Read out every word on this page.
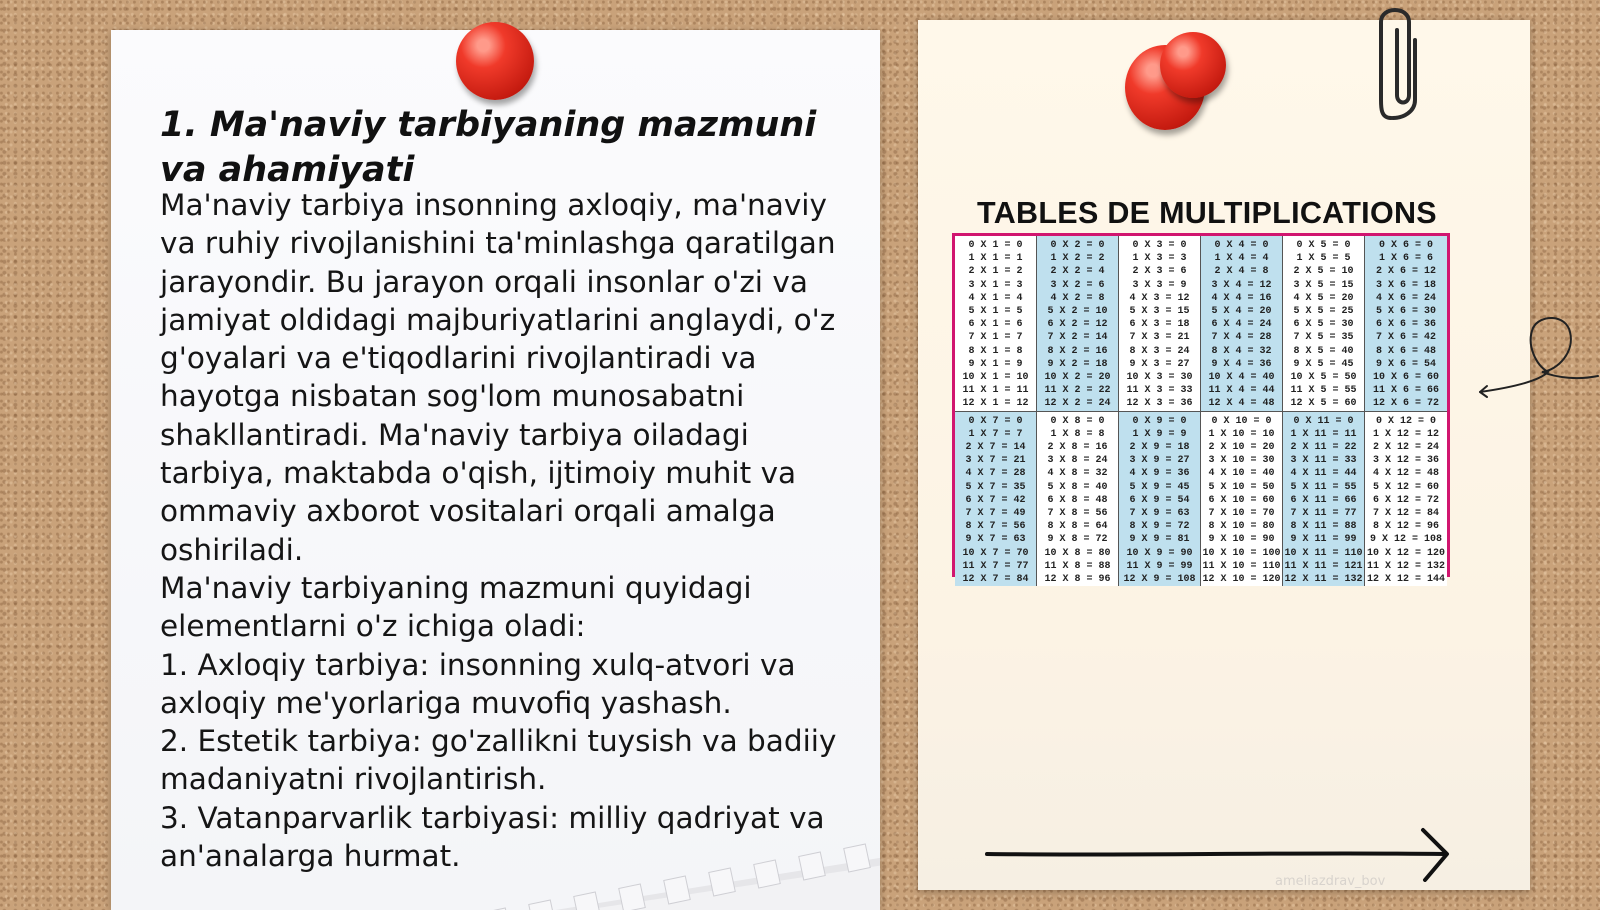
1. Ma'naviy tarbiyaning mazmuni va ahamiyati

Ma'naviy tarbiya insonning axloqiy, ma'naviy va ruhiy rivojlanishini ta'minlashga qaratilgan jarayondir. Bu jarayon orqali insonlar o'zi va jamiyat oldidagi majburiyatlarini anglaydi, o'z g'oyalari va e'tiqodlarini rivojlantiradi va hayotga nisbatan sog'lom munosabatni shakllantiradi. Ma'naviy tarbiya oiladagi tarbiya, maktabda o'qish, ijtimoiy muhit va ommaviy axborot vositalari orqali amalga oshiriladi.

Ma'naviy tarbiyaning mazmuni quyidagi elementlarni o'z ichiga oladi:

1. Axloqiy tarbiya: insonning xulq-atvori va axloqiy me'yorlariga muvofiq yashash.

2. Estetik tarbiya: go'zallikni tuysish va badiiy madaniyatni rivojlantirish.

3. Vatanparvarlik tarbiyasi: milliy qadriyat va an'analarga hurmat.

TABLES DE MULTIPLICATIONS
0 X 1 = 0
1 X 1 = 1
2 X 1 = 2
3 X 1 = 3
4 X 1 = 4
5 X 1 = 5
6 X 1 = 6
7 X 1 = 7
8 X 1 = 8
9 X 1 = 9
10 X 1 = 10
11 X 1 = 11
12 X 1 = 12
0 X 2 = 0
1 X 2 = 2
2 X 2 = 4
3 X 2 = 6
4 X 2 = 8
5 X 2 = 10
6 X 2 = 12
7 X 2 = 14
8 X 2 = 16
9 X 2 = 18
10 X 2 = 20
11 X 2 = 22
12 X 2 = 24
0 X 3 = 0
1 X 3 = 3
2 X 3 = 6
3 X 3 = 9
4 X 3 = 12
5 X 3 = 15
6 X 3 = 18
7 X 3 = 21
8 X 3 = 24
9 X 3 = 27
10 X 3 = 30
11 X 3 = 33
12 X 3 = 36
0 X 4 = 0
1 X 4 = 4
2 X 4 = 8
3 X 4 = 12
4 X 4 = 16
5 X 4 = 20
6 X 4 = 24
7 X 4 = 28
8 X 4 = 32
9 X 4 = 36
10 X 4 = 40
11 X 4 = 44
12 X 4 = 48
0 X 5 = 0
1 X 5 = 5
2 X 5 = 10
3 X 5 = 15
4 X 5 = 20
5 X 5 = 25
6 X 5 = 30
7 X 5 = 35
8 X 5 = 40
9 X 5 = 45
10 X 5 = 50
11 X 5 = 55
12 X 5 = 60
0 X 6 = 0
1 X 6 = 6
2 X 6 = 12
3 X 6 = 18
4 X 6 = 24
5 X 6 = 30
6 X 6 = 36
7 X 6 = 42
8 X 6 = 48
9 X 6 = 54
10 X 6 = 60
11 X 6 = 66
12 X 6 = 72
0 X 7 = 0
1 X 7 = 7
2 X 7 = 14
3 X 7 = 21
4 X 7 = 28
5 X 7 = 35
6 X 7 = 42
7 X 7 = 49
8 X 7 = 56
9 X 7 = 63
10 X 7 = 70
11 X 7 = 77
12 X 7 = 84
0 X 8 = 0
1 X 8 = 8
2 X 8 = 16
3 X 8 = 24
4 X 8 = 32
5 X 8 = 40
6 X 8 = 48
7 X 8 = 56
8 X 8 = 64
9 X 8 = 72
10 X 8 = 80
11 X 8 = 88
12 X 8 = 96
0 X 9 = 0
1 X 9 = 9
2 X 9 = 18
3 X 9 = 27
4 X 9 = 36
5 X 9 = 45
6 X 9 = 54
7 X 9 = 63
8 X 9 = 72
9 X 9 = 81
10 X 9 = 90
11 X 9 = 99
12 X 9 = 108
0 X 10 = 0
1 X 10 = 10
2 X 10 = 20
3 X 10 = 30
4 X 10 = 40
5 X 10 = 50
6 X 10 = 60
7 X 10 = 70
8 X 10 = 80
9 X 10 = 90
10 X 10 = 100
11 X 10 = 110
12 X 10 = 120
0 X 11 = 0
1 X 11 = 11
2 X 11 = 22
3 X 11 = 33
4 X 11 = 44
5 X 11 = 55
6 X 11 = 66
7 X 11 = 77
8 X 11 = 88
9 X 11 = 99
10 X 11 = 110
11 X 11 = 121
12 X 11 = 132
0 X 12 = 0
1 X 12 = 12
2 X 12 = 24
3 X 12 = 36
4 X 12 = 48
5 X 12 = 60
6 X 12 = 72
7 X 12 = 84
8 X 12 = 96
9 X 12 = 108
10 X 12 = 120
11 X 12 = 132
12 X 12 = 144
ameliazdrav_bov
